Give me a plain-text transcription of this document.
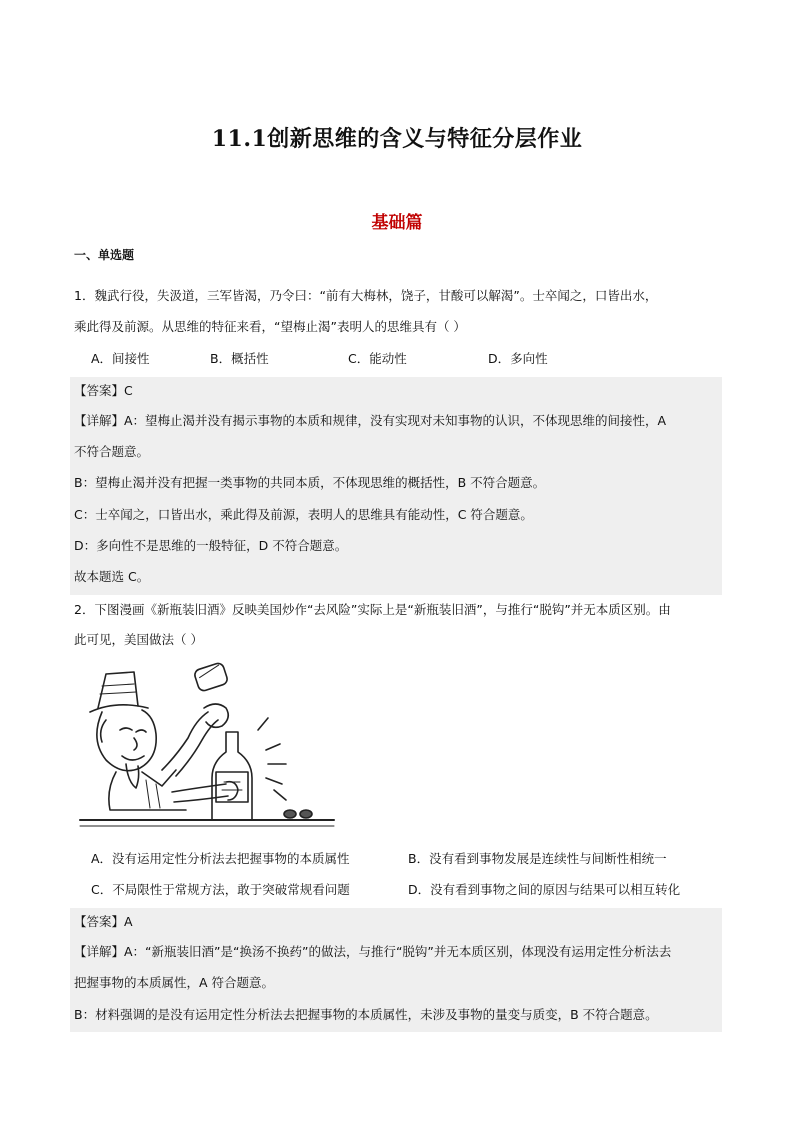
11.1创新思维的含义与特征分层作业
基础篇
一、单选题
1．魏武行役，失汲道，三军皆渴，乃令曰：“前有大梅林，饶子，甘酸可以解渴”。士卒闻之，口皆出水，
乘此得及前源。从思维的特征来看，“望梅止渴”表明人的思维具有（ ）
A．间接性	B．概括性	C．能动性	D．多向性
【答案】C
【详解】A：望梅止渴并没有揭示事物的本质和规律，没有实现对未知事物的认识，不体现思维的间接性，A
不符合题意。
B：望梅止渴并没有把握一类事物的共同本质，不体现思维的概括性，B 不符合题意。
C：士卒闻之，口皆出水，乘此得及前源，表明人的思维具有能动性，C 符合题意。
D：多向性不是思维的一般特征，D 不符合题意。
故本题选 C。
2．下图漫画《新瓶装旧酒》反映美国炒作“去风险”实际上是“新瓶装旧酒”，与推行“脱钩”并无本质区别。由
此可见，美国做法（ ）
A．没有运用定性分析法去把握事物的本质属性	B．没有看到事物发展是连续性与间断性相统一
C．不局限性于常规方法，敢于突破常规看问题	D．没有看到事物之间的原因与结果可以相互转化
【答案】A
【详解】A：“新瓶装旧酒”是“换汤不换药”的做法，与推行“脱钩”并无本质区别，体现没有运用定性分析法去
把握事物的本质属性，A 符合题意。
B：材料强调的是没有运用定性分析法去把握事物的本质属性，未涉及事物的量变与质变，B 不符合题意。
